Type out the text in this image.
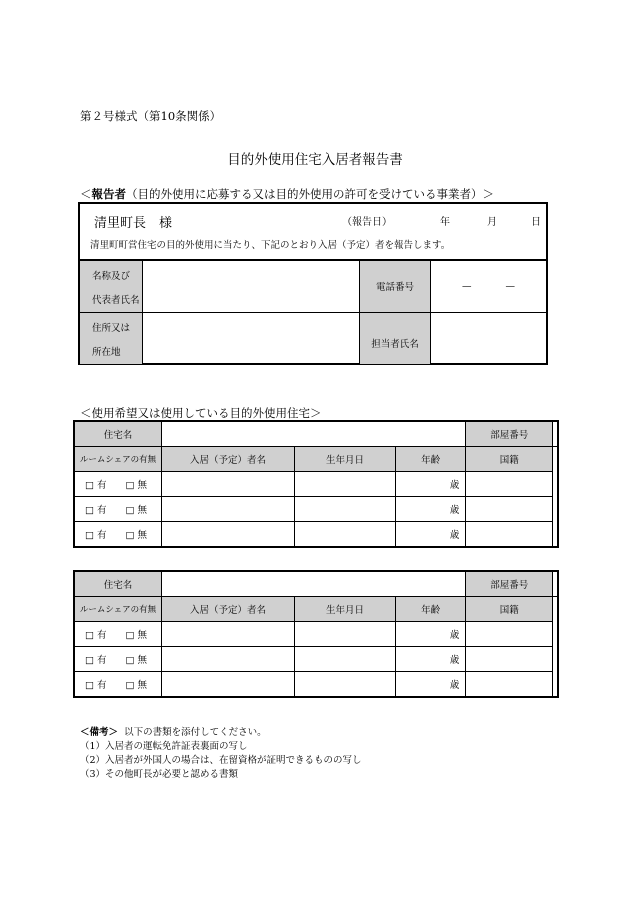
第２号様式（第10条関係）
目的外使用住宅入居者報告書
＜報告者（目的外使用に応募する又は目的外使用の許可を受けている事業者）＞
清里町長　様	（報告日）	年	月	日
清里町町営住宅の目的外使用に当たり、下記のとおり入居（予定）者を報告します。
名称及び
代表者氏名		電話番号	— —

住所又は
所在地		担当者氏名	
＜使用希望又は使用している目的外使用住宅＞
住宅名				部屋番号	
ルームシェアの有無	入居（予定）者名	生年月日	年齢	国籍	
□ 有　　□ 無			歳		
□ 有　　□ 無			歳		
□ 有　　□ 無			歳		
住宅名				部屋番号	
ルームシェアの有無	入居（予定）者名	生年月日	年齢	国籍	
□ 有　　□ 無			歳		
□ 有　　□ 無			歳		
□ 有　　□ 無			歳		
＜備考＞ 以下の書類を添付してください。
（1）入居者の運転免許証表裏面の写し
（2）入居者が外国人の場合は、在留資格が証明できるものの写し
（3）その他町長が必要と認める書類
